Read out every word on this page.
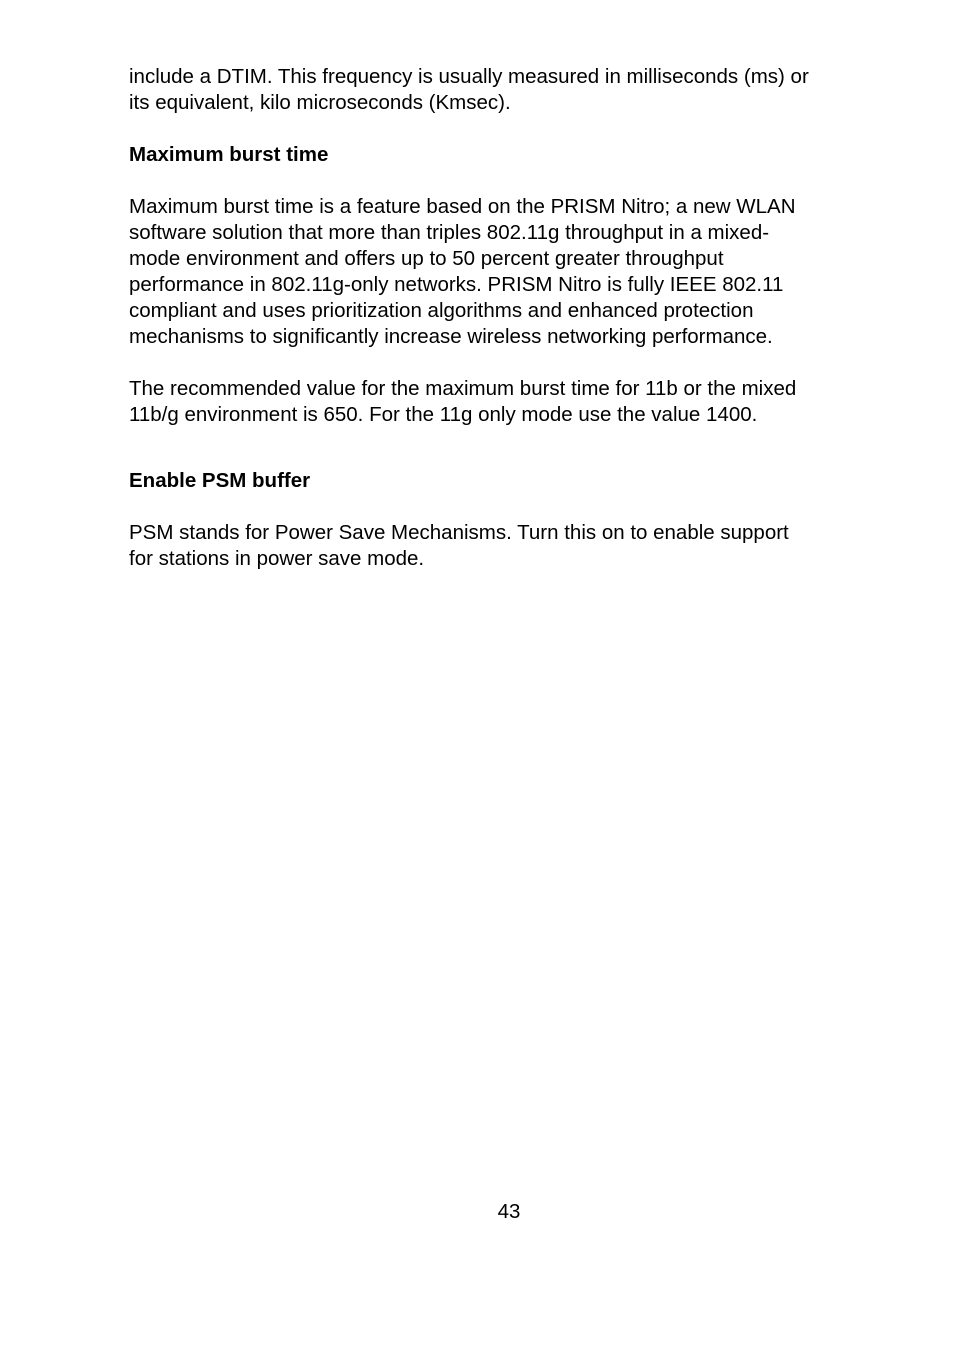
include a DTIM. This frequency is usually measured in milliseconds (ms) or
its equivalent, kilo microseconds (Kmsec).

Maximum burst time

Maximum burst time is a feature based on the PRISM Nitro; a new WLAN
software solution that more than triples 802.11g throughput in a mixed-
mode environment and offers up to 50 percent greater throughput
performance in 802.11g-only networks. PRISM Nitro is fully IEEE 802.11
compliant and uses prioritization algorithms and enhanced protection
mechanisms to significantly increase wireless networking performance.

The recommended value for the maximum burst time for 11b or the mixed
11b/g environment is 650. For the 11g only mode use the value 1400.

Enable PSM buffer

PSM stands for Power Save Mechanisms. Turn this on to enable support
for stations in power save mode.

43
